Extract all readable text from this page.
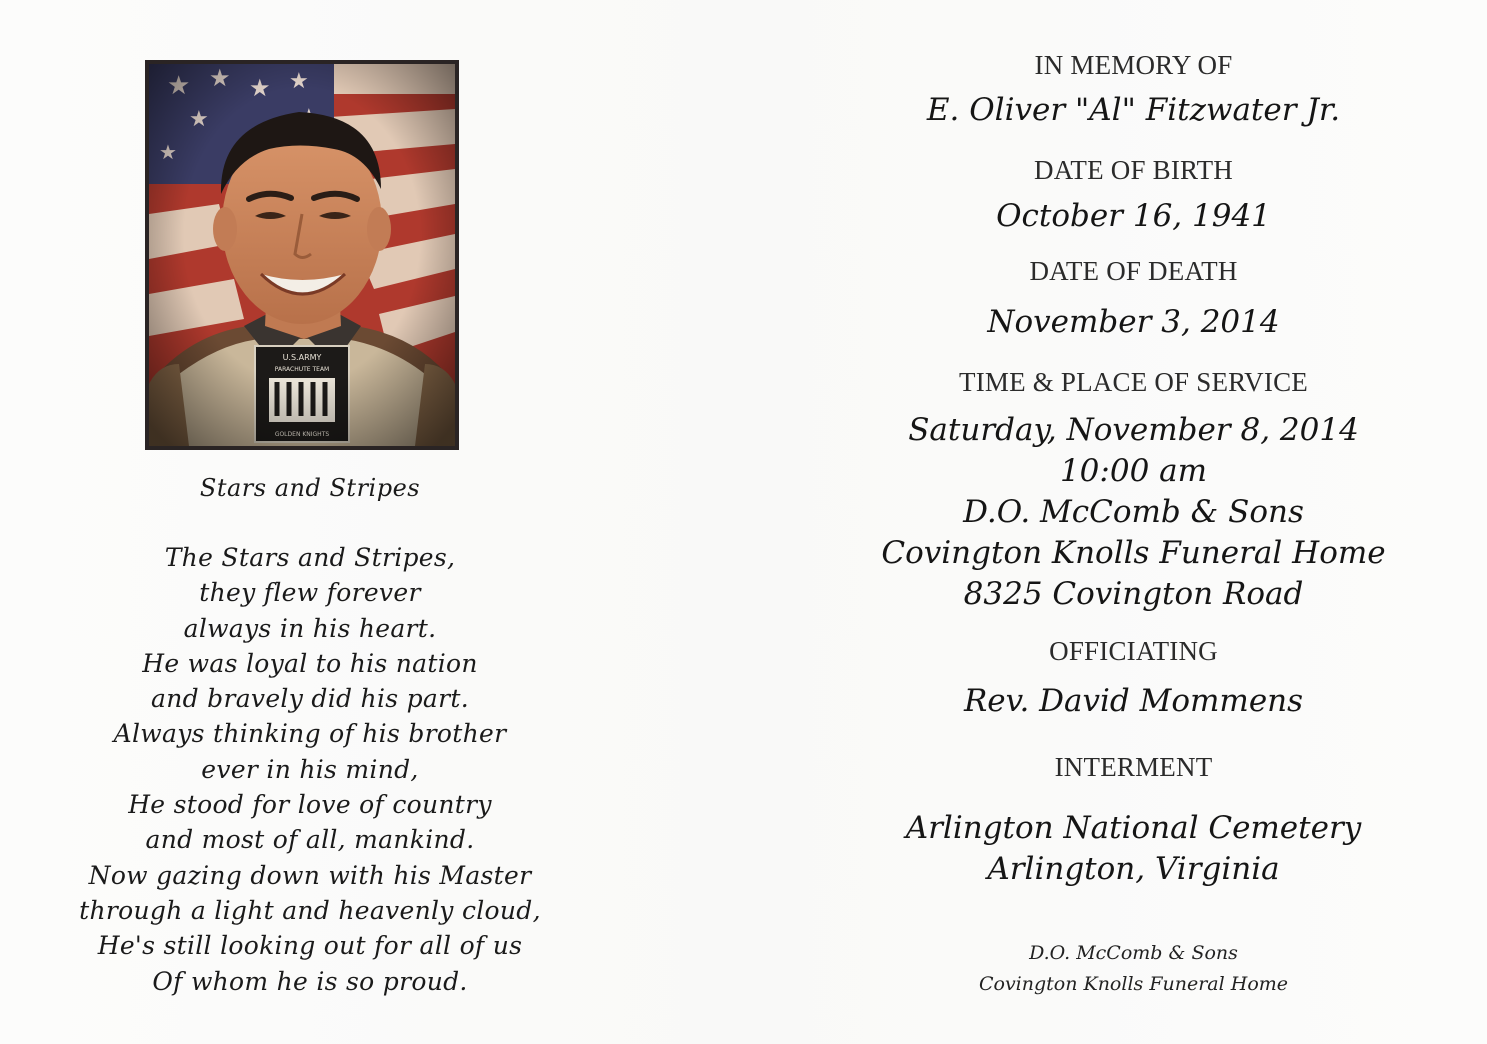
Stars and Stripes
The Stars and Stripes,
they flew forever
always in his heart.
He was loyal to his nation
and bravely did his part.
Always thinking of his brother
ever in his mind,
He stood for love of country
and most of all, mankind.
Now gazing down with his Master
through a light and heavenly cloud,
He's still looking out for all of us
Of whom he is so proud.
IN MEMORY OF
E. Oliver "Al" Fitzwater Jr.
DATE OF BIRTH
October 16, 1941
DATE OF DEATH
November 3, 2014
TIME & PLACE OF SERVICE
Saturday, November 8, 2014
10:00 am
D.O. McComb & Sons
Covington Knolls Funeral Home
8325 Covington Road
OFFICIATING
Rev. David Mommens
INTERMENT
Arlington National Cemetery
Arlington, Virginia
D.O. McComb & Sons
Covington Knolls Funeral Home
